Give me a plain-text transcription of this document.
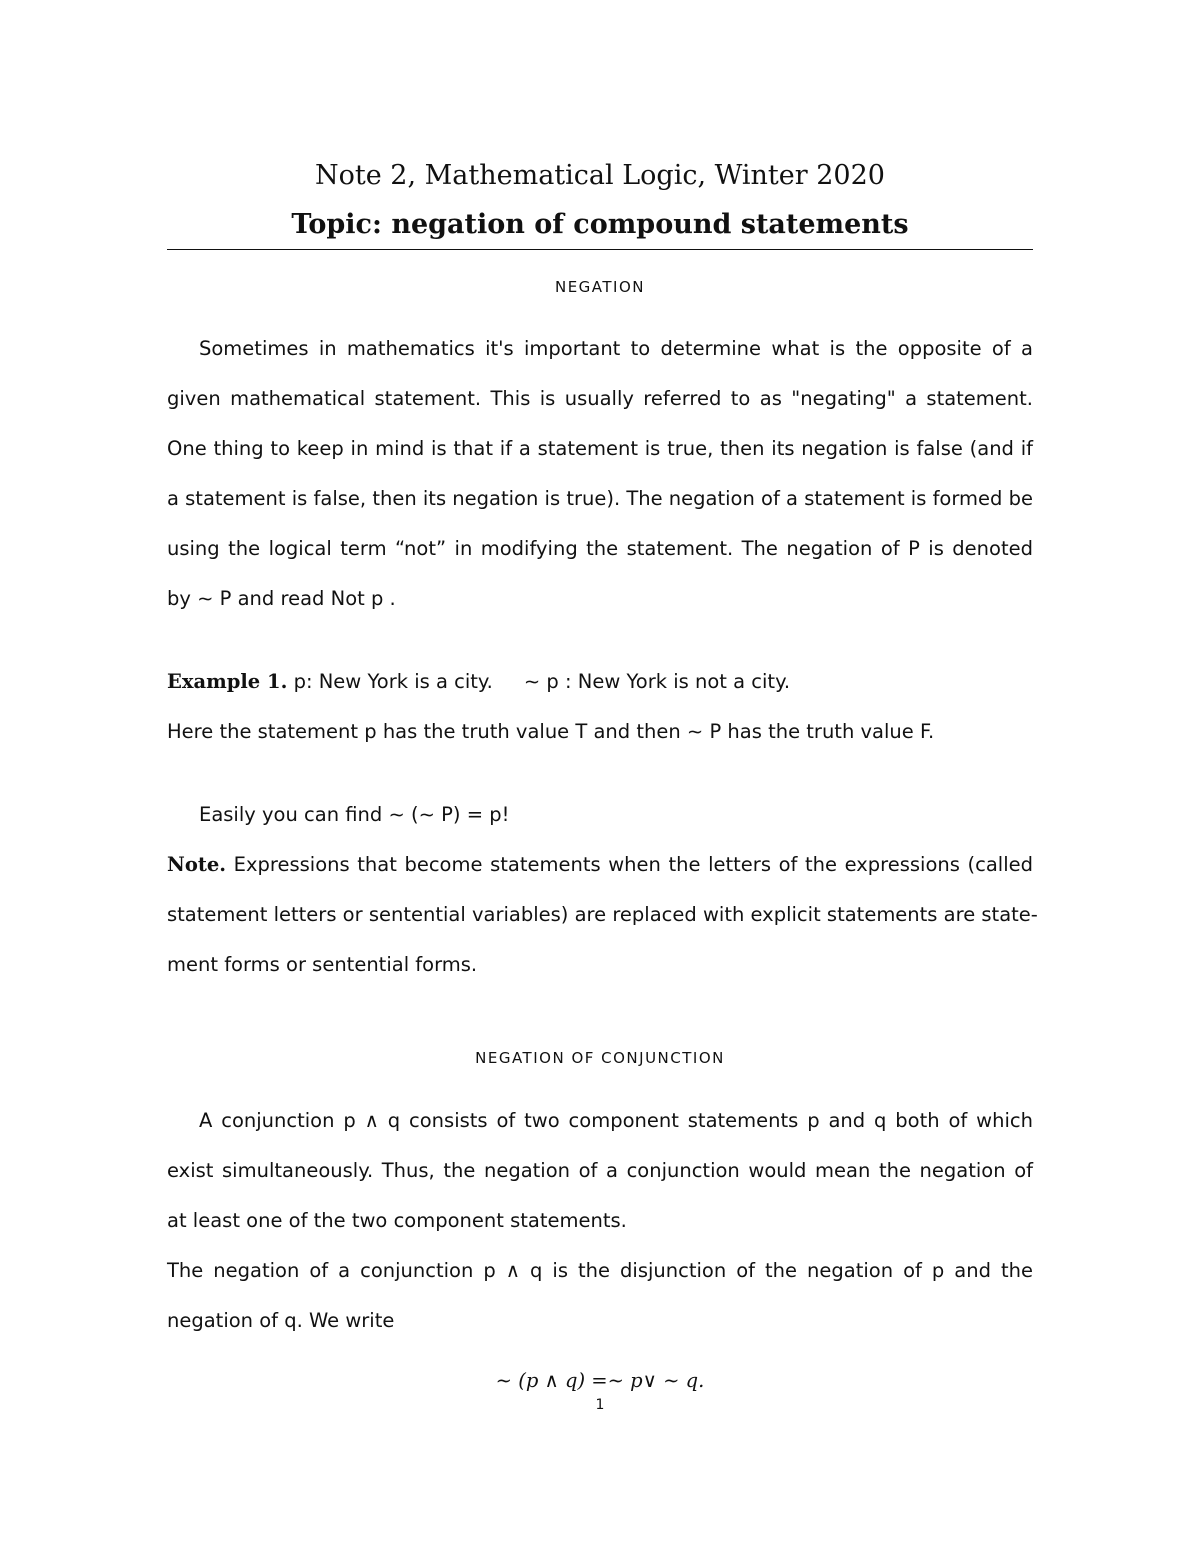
Note 2, Mathematical Logic, Winter 2020
Topic: negation of compound statements
NEGATION
Sometimes in mathematics it's important to determine what is the opposite of a
given mathematical statement. This is usually referred to as "negating" a statement.
One thing to keep in mind is that if a statement is true, then its negation is false (and if
a statement is false, then its negation is true). The negation of a statement is formed be
using the logical term “not” in modifying the statement. The negation of P is denoted
by ∼ P and read Not p .
Example 1. p: New York is a city.     ∼ p : New York is not a city.
Here the statement p has the truth value T and then ∼ P has the truth value F.
Easily you can find ∼ (∼ P) = p!
Note. Expressions that become statements when the letters of the expressions (called
statement letters or sentential variables) are replaced with explicit statements are state-
ment forms or sentential forms.
NEGATION OF CONJUNCTION
A conjunction p ∧ q consists of two component statements p and q both of which
exist simultaneously. Thus, the negation of a conjunction would mean the negation of
at least one of the two component statements.
The negation of a conjunction p ∧ q is the disjunction of the negation of p and the
negation of q. We write
∼ (p ∧ q) =∼ p∨ ∼ q.
1
